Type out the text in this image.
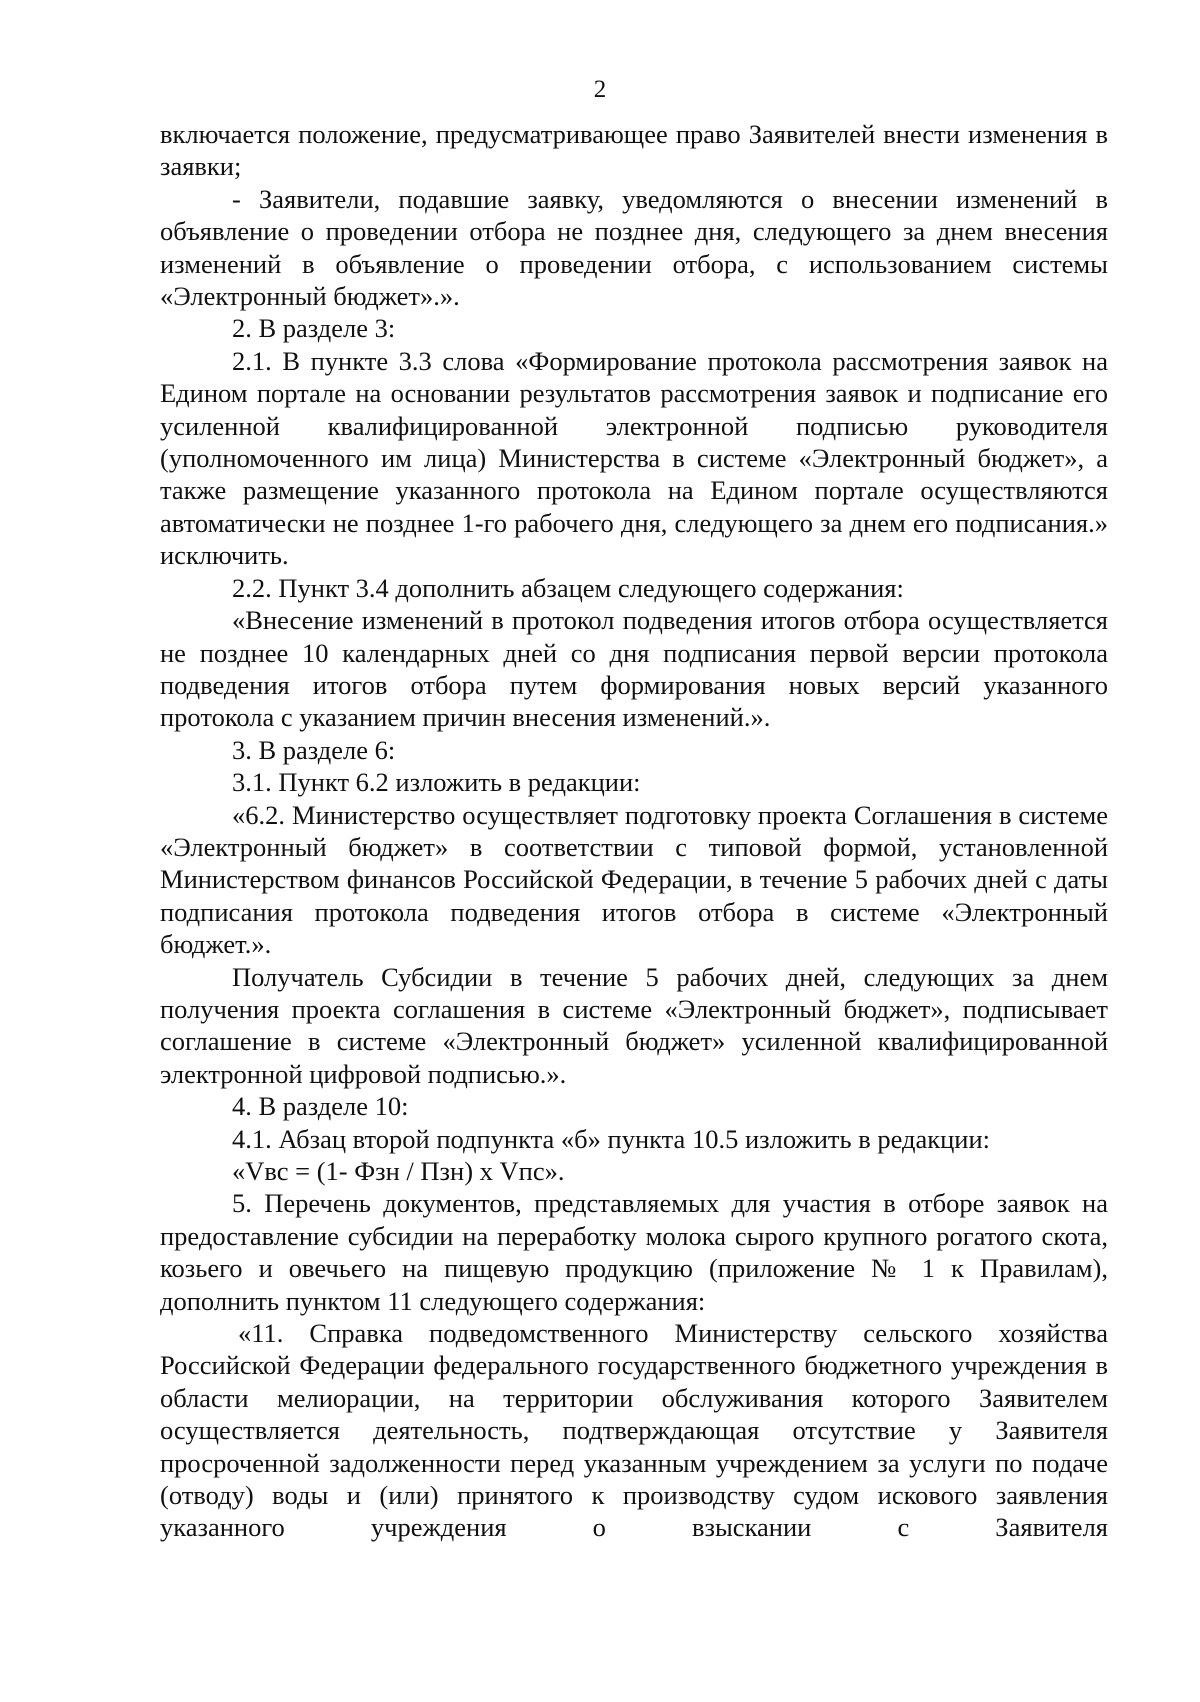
2

включается положение, предусматривающее право Заявителей внести изменения в заявки;

- Заявители, подавшие заявку, уведомляются о внесении изменений в объявление о проведении отбора не позднее дня, следующего за днем внесения изменений в объявление о проведении отбора, с использованием системы «Электронный бюджет».».

2. В разделе 3:

2.1. В пункте 3.3 слова «Формирование протокола рассмотрения заявок на Едином портале на основании результатов рассмотрения заявок и подписание его усиленной квалифицированной электронной подписью руководителя (уполномоченного им лица) Министерства в системе «Электронный бюджет», а также размещение указанного протокола на Едином портале осуществляются автоматически не позднее 1-го рабочего дня, следующего за днем его подписания.» исключить.

2.2. Пункт 3.4 дополнить абзацем следующего содержания:

«Внесение изменений в протокол подведения итогов отбора осуществляется не позднее 10 календарных дней со дня подписания первой версии протокола подведения итогов отбора путем формирования новых версий указанного протокола с указанием причин внесения изменений.».

3. В разделе 6:

3.1. Пункт 6.2 изложить в редакции:

«6.2. Министерство осуществляет подготовку проекта Соглашения в системе «Электронный бюджет» в соответствии с типовой формой, установленной Министерством финансов Российской Федерации, в течение 5 рабочих дней с даты подписания протокола подведения итогов отбора в системе «Электронный бюджет.».

Получатель Субсидии в течение 5 рабочих дней, следующих за днем получения проекта соглашения в системе «Электронный бюджет», подписывает соглашение в системе «Электронный бюджет» усиленной квалифицированной электронной цифровой подписью.».

4. В разделе 10:

4.1. Абзац второй подпункта «б» пункта 10.5 изложить в редакции:

«Vвс = (1- Фзн / Пзн) х Vпс».

5. Перечень документов, представляемых для участия в отборе заявок на предоставление субсидии на переработку молока сырого крупного рогатого скота, козьего и овечьего на пищевую продукцию (приложение № 1 к Правилам), дополнить пунктом 11 следующего содержания:

«11. Справка подведомственного Министерству сельского хозяйства Российской Федерации федерального государственного бюджетного учреждения в области мелиорации, на территории обслуживания которого Заявителем осуществляется деятельность, подтверждающая отсутствие у Заявителя просроченной задолженности перед указанным учреждением за услуги по подаче (отводу) воды и (или) принятого к производству судом искового заявления указанного учреждения о взыскании с Заявителя
